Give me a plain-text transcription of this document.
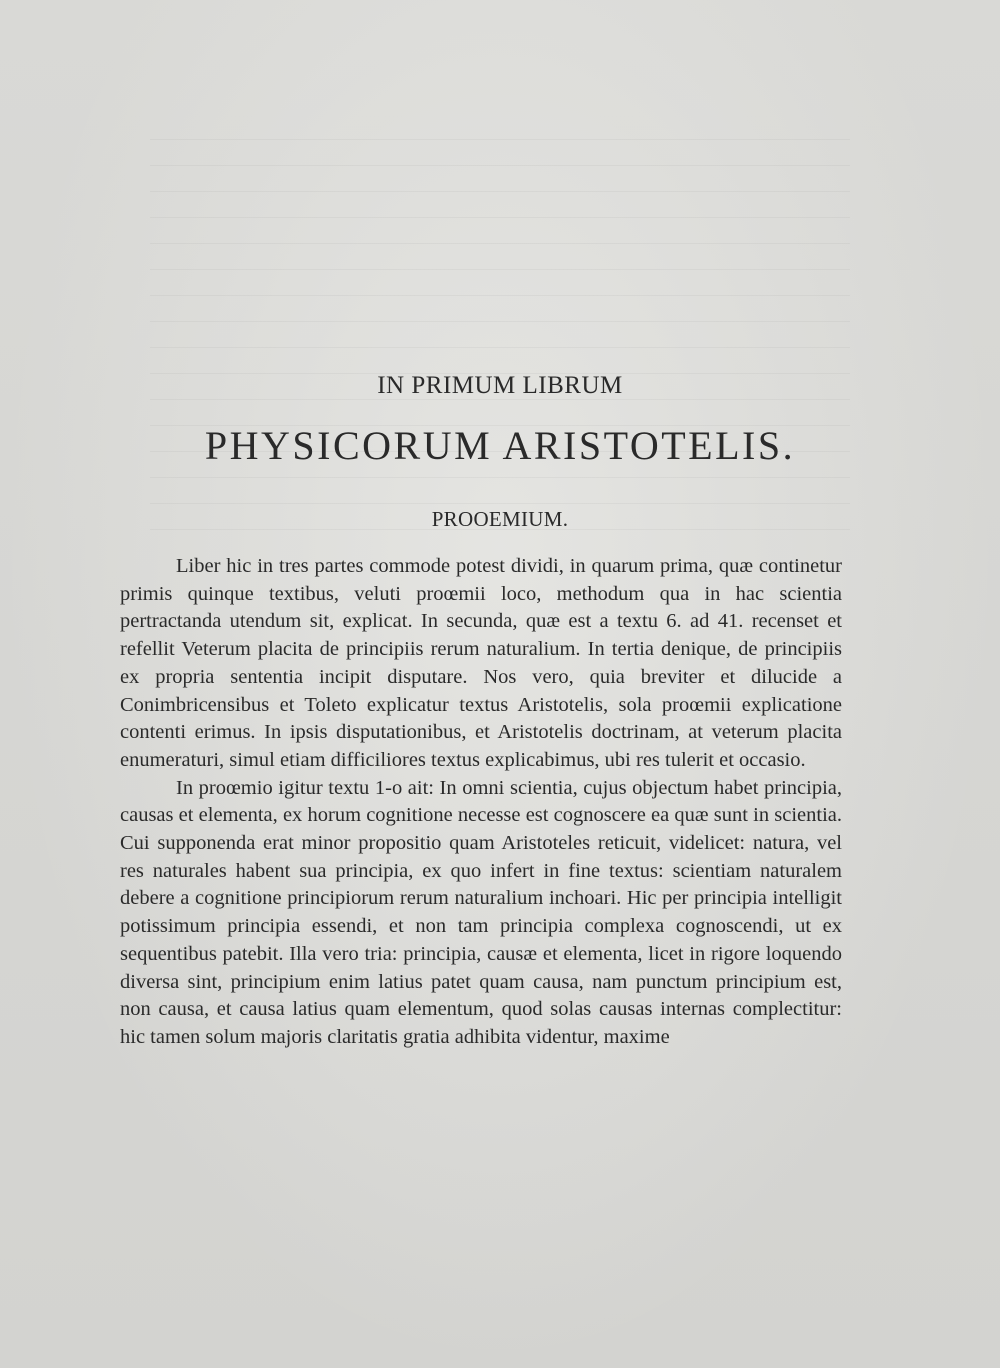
IN PRIMUM LIBRUM
PHYSICORUM ARISTOTELIS.
PROOEMIUM.

Liber hic in tres partes commode potest dividi, in quarum prima, quæ continetur primis quinque textibus, veluti proœmii loco, methodum qua in hac scientia pertractanda utendum sit, explicat. In secunda, quæ est a textu 6. ad 41. recenset et refellit Veterum placita de principiis rerum naturalium. In tertia denique, de principiis ex propria sententia incipit disputare. Nos vero, quia breviter et dilucide a Conimbricensibus et Toleto explicatur textus Aristotelis, sola proœmii explicatione contenti erimus. In ipsis disputationibus, et Aristotelis doctrinam, at veterum placita enumeraturi, simul etiam difficiliores textus explicabimus, ubi res tulerit et occasio.

In proœmio igitur textu 1-o ait: In omni scientia, cujus objectum habet principia, causas et elementa, ex horum cognitione necesse est cognoscere ea quæ sunt in scientia. Cui supponenda erat minor propositio quam Aristoteles reticuit, videlicet: natura, vel res naturales habent sua principia, ex quo infert in fine textus: scientiam naturalem debere a cognitione principiorum rerum naturalium inchoari. Hic per principia intelligit potissimum principia essendi, et non tam principia complexa cognoscendi, ut ex sequentibus patebit. Illa vero tria: principia, causæ et elementa, licet in rigore loquendo diversa sint, principium enim latius patet quam causa, nam punctum principium est, non causa, et causa latius quam elementum, quod solas causas internas complectitur: hic tamen solum majoris claritatis gratia adhibita videntur, maxime
